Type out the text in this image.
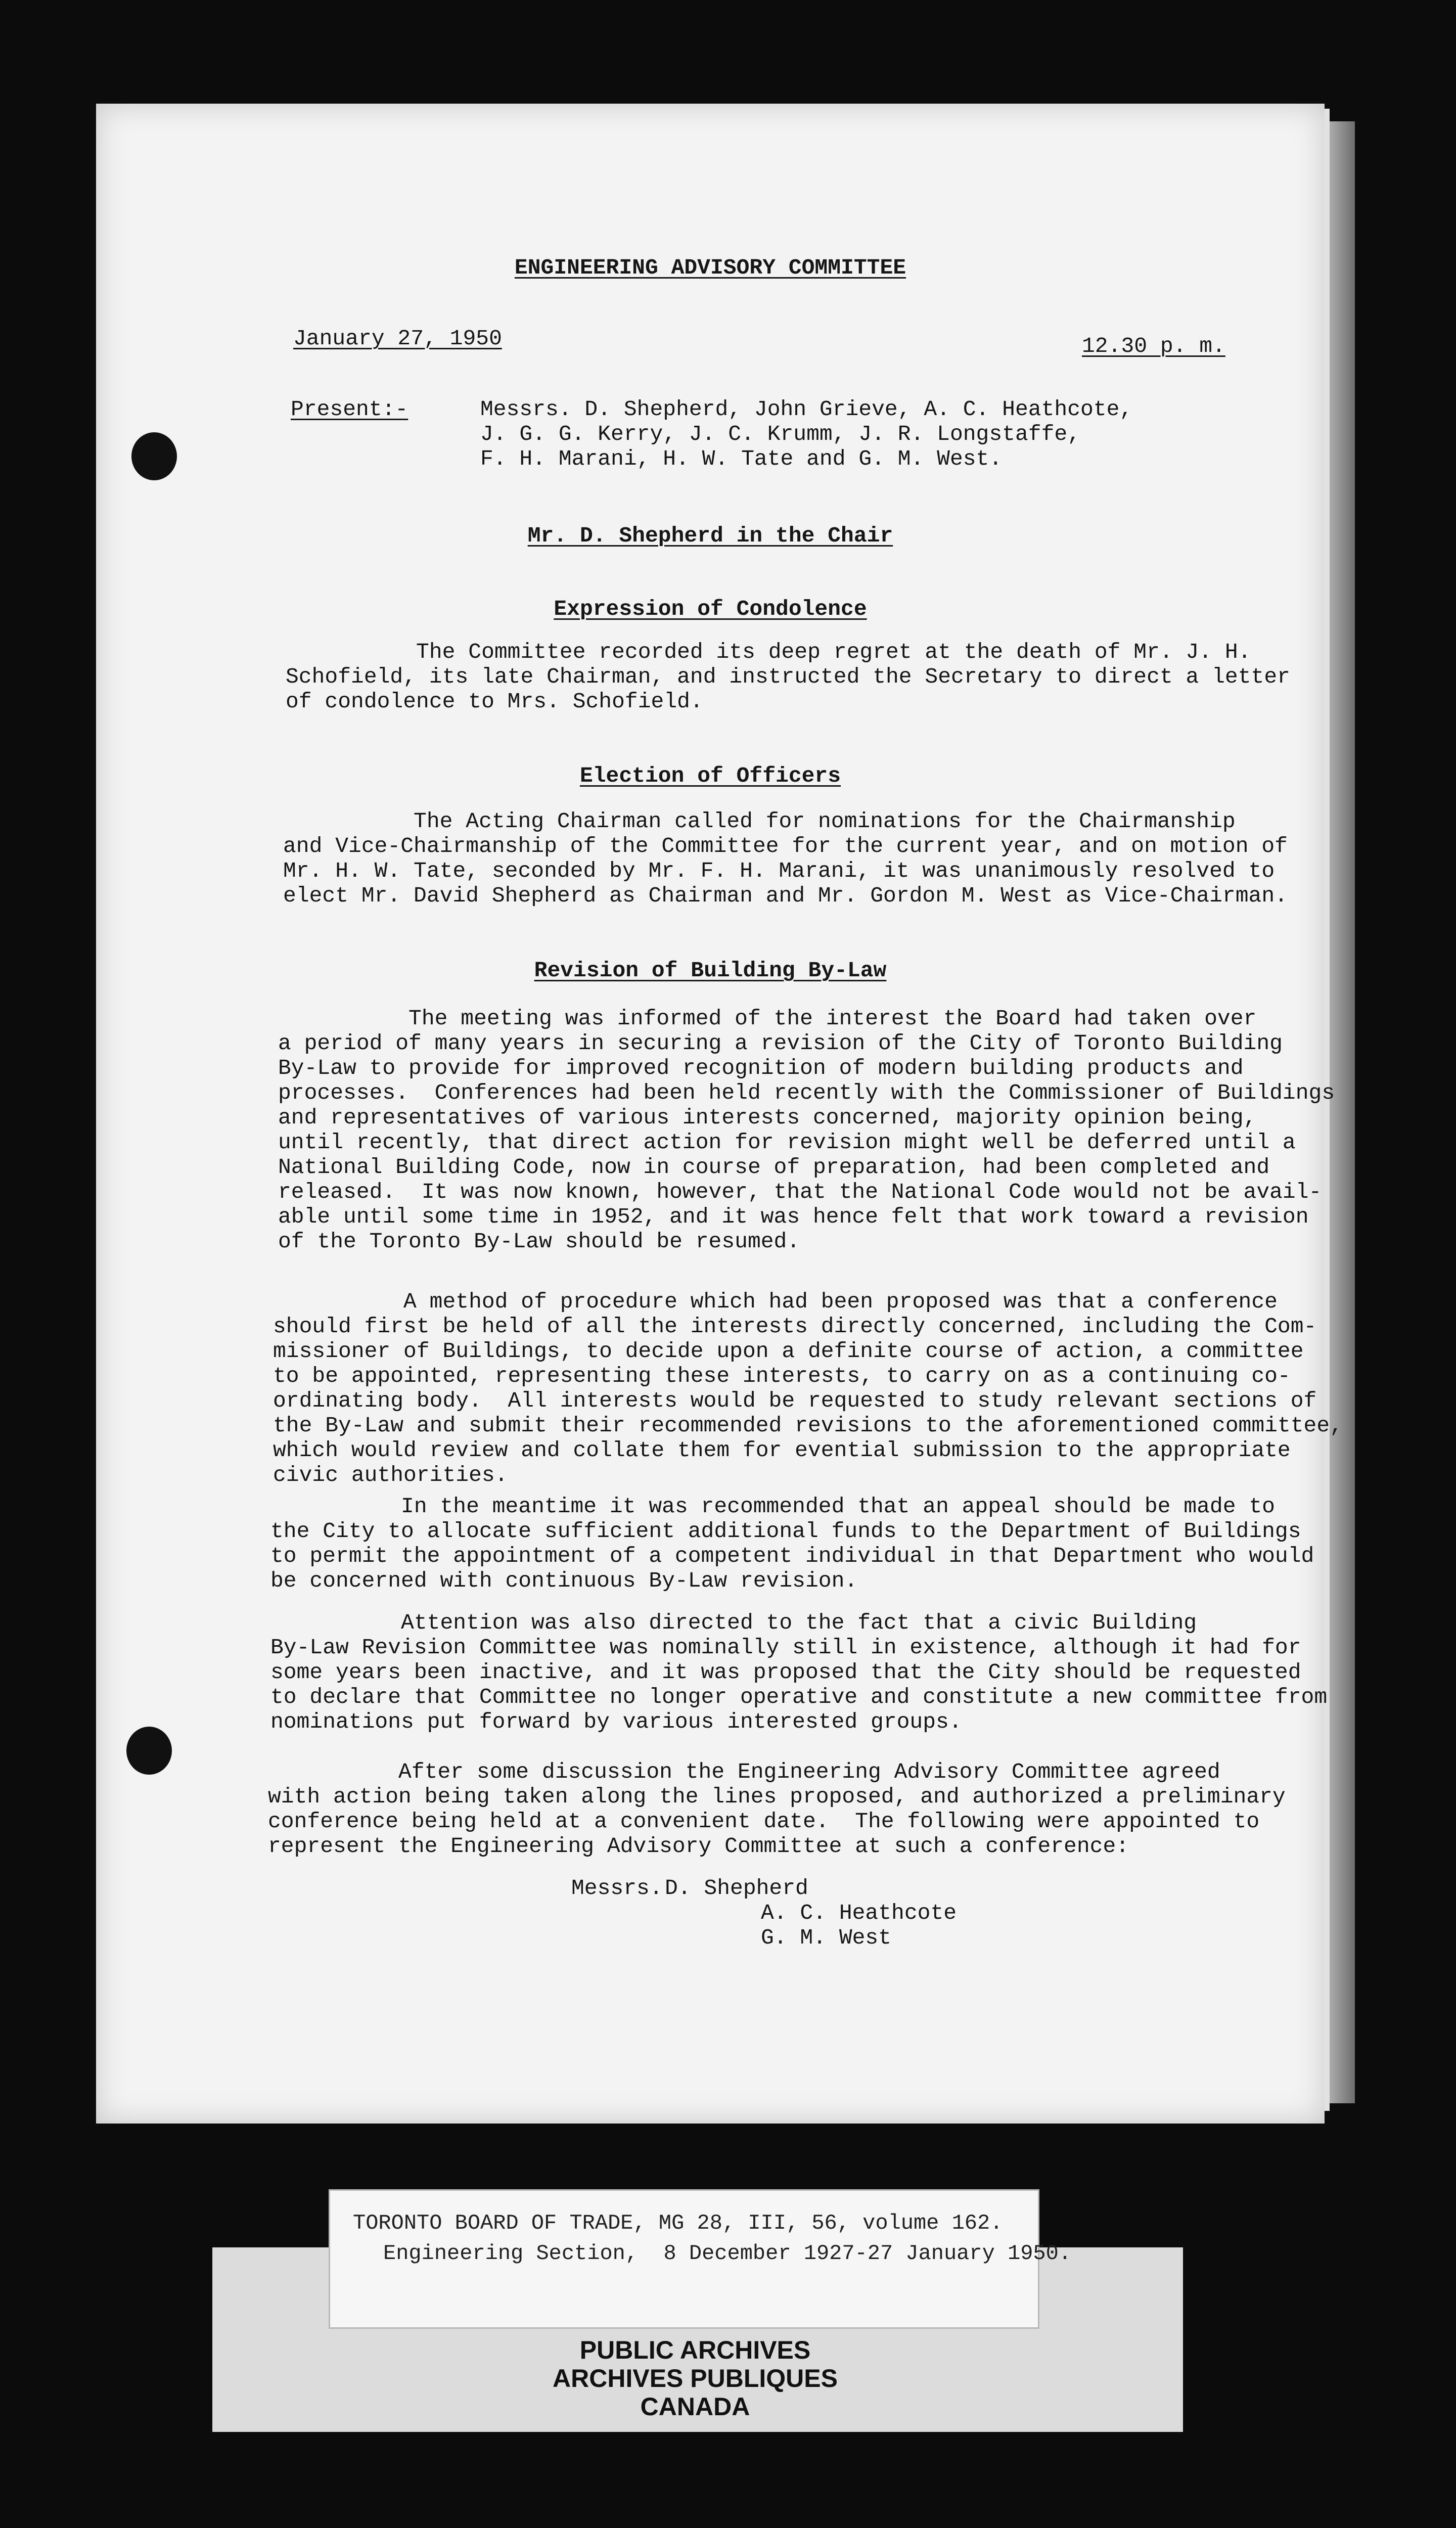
ENGINEERING ADVISORY COMMITTEE
January 27, 1950	12.30 p. m.
Present:-	Messrs. D. Shepherd, John Grieve, A. C. Heathcote,
J. G. G. Kerry, J. C. Krumm, J. R. Longstaffe,
F. H. Marani, H. W. Tate and G. M. West.
Mr. D. Shepherd in the Chair
Expression of Condolence
The Committee recorded its deep regret at the death of Mr. J. H.
Schofield, its late Chairman, and instructed the Secretary to direct a letter
of condolence to Mrs. Schofield.
Election of Officers
The Acting Chairman called for nominations for the Chairmanship
and Vice-Chairmanship of the Committee for the current year, and on motion of
Mr. H. W. Tate, seconded by Mr. F. H. Marani, it was unanimously resolved to
elect Mr. David Shepherd as Chairman and Mr. Gordon M. West as Vice-Chairman.
Revision of Building By-Law
The meeting was informed of the interest the Board had taken over
a period of many years in securing a revision of the City of Toronto Building
By-Law to provide for improved recognition of modern building products and
processes.  Conferences had been held recently with the Commissioner of Buildings
and representatives of various interests concerned, majority opinion being,
until recently, that direct action for revision might well be deferred until a
National Building Code, now in course of preparation, had been completed and
released.  It was now known, however, that the National Code would not be avail-
able until some time in 1952, and it was hence felt that work toward a revision
of the Toronto By-Law should be resumed.
A method of procedure which had been proposed was that a conference
should first be held of all the interests directly concerned, including the Com-
missioner of Buildings, to decide upon a definite course of action, a committee
to be appointed, representing these interests, to carry on as a continuing co-
ordinating body.  All interests would be requested to study relevant sections of
the By-Law and submit their recommended revisions to the aforementioned committee,
which would review and collate them for evential submission to the appropriate
civic authorities.
In the meantime it was recommended that an appeal should be made to
the City to allocate sufficient additional funds to the Department of Buildings
to permit the appointment of a competent individual in that Department who would
be concerned with continuous By-Law revision.
Attention was also directed to the fact that a civic Building
By-Law Revision Committee was nominally still in existence, although it had for
some years been inactive, and it was proposed that the City should be requested
to declare that Committee no longer operative and constitute a new committee from
nominations put forward by various interested groups.
After some discussion the Engineering Advisory Committee agreed
with action being taken along the lines proposed, and authorized a preliminary
conference being held at a convenient date.  The following were appointed to
represent the Engineering Advisory Committee at such a conference:
Messrs. D. Shepherd
A. C. Heathcote
G. M. West
TORONTO BOARD OF TRADE, MG 28, III, 56, volume 162.
Engineering Section,  8 December 1927-27 January 1950.
PUBLIC ARCHIVES
ARCHIVES PUBLIQUES
CANADA
